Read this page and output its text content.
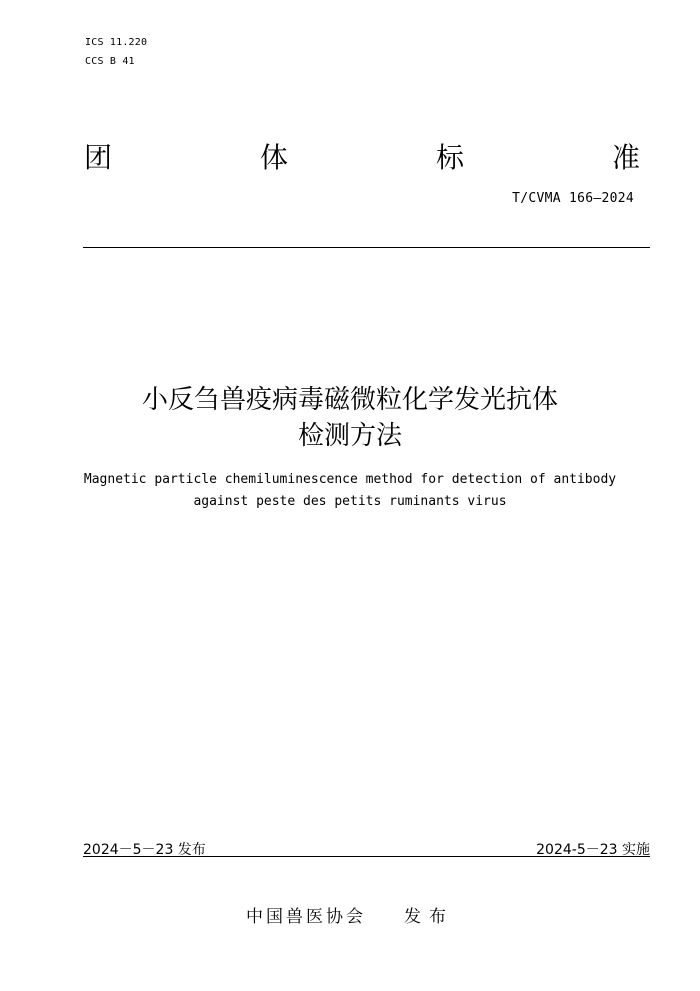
ICS 11.220
CCS B 41
团	体	标	准
T/CVMA 166—2024
小反刍兽疫病毒磁微粒化学发光抗体
检测方法
Magnetic particle chemiluminescence method for detection of antibody
against peste des petits ruminants virus
2024－5－23 发布	2024-5－23 实施
中国兽医协会 发布
